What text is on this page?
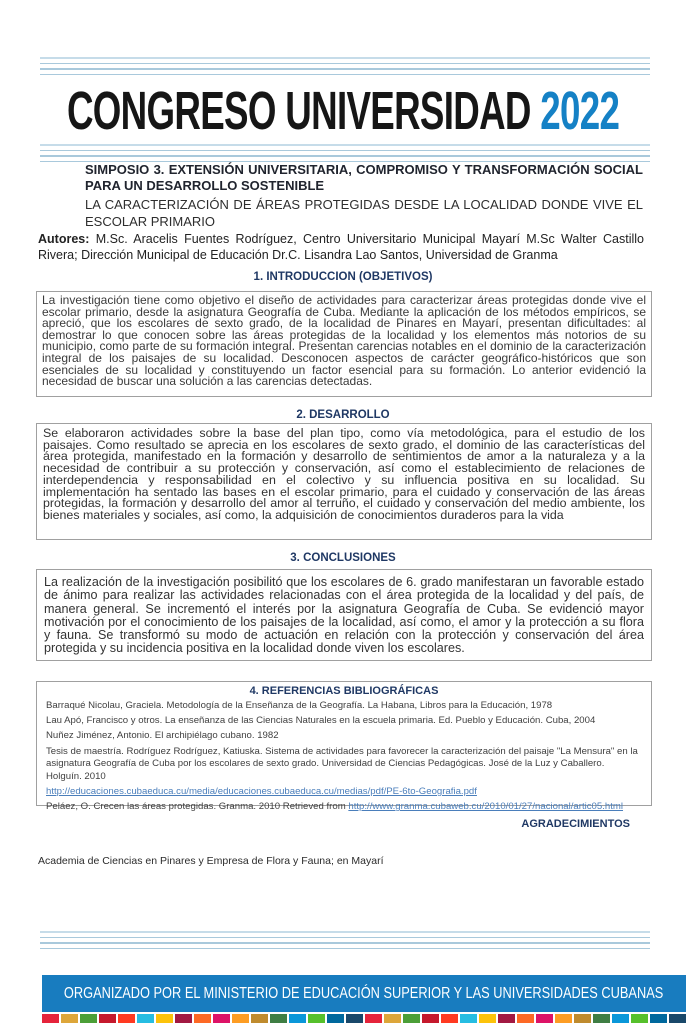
CONGRESO UNIVERSIDAD 2022
SIMPOSIO 3. EXTENSIÓN UNIVERSITARIA, COMPROMISO Y TRANSFORMACIÓN SOCIAL PARA UN DESARROLLO SOSTENIBLE
LA CARACTERIZACIÓN DE ÁREAS PROTEGIDAS DESDE LA LOCALIDAD DONDE VIVE EL ESCOLAR PRIMARIO
Autores: M.Sc. Aracelis Fuentes Rodríguez, Centro Universitario Municipal Mayarí M.Sc Walter Castillo Rivera; Dirección Municipal de Educación Dr.C. Lisandra Lao Santos, Universidad de Granma
1. INTRODUCCION (OBJETIVOS)
La investigación tiene como objetivo el diseño de actividades para caracterizar áreas protegidas donde vive el escolar primario, desde la asignatura Geografía de Cuba. Mediante la aplicación de los métodos empíricos, se apreció, que los escolares de sexto grado, de la localidad de Pinares en Mayarí, presentan dificultades: al demostrar lo que conocen sobre las áreas protegidas de la localidad y los elementos más notorios de su municipio, como parte de su formación integral. Presentan carencias notables en el dominio de la caracterización integral de los paisajes de su localidad. Desconocen aspectos de carácter geográfico-históricos que son esenciales de su localidad y constituyendo un factor esencial para su formación. Lo anterior evidenció la necesidad de buscar una solución a las carencias detectadas.
2. DESARROLLO
Se elaboraron actividades sobre la base del plan tipo, como vía metodológica, para el estudio de los paisajes. Como resultado se aprecia en los escolares de sexto grado, el dominio de las características del área protegida, manifestado en la formación y desarrollo de sentimientos de amor a la naturaleza y a la necesidad de contribuir a su protección y conservación, así como el establecimiento de relaciones de interdependencia y responsabilidad en el colectivo y su influencia positiva en su localidad. Su implementación ha sentado las bases en el escolar primario, para el cuidado y conservación de las áreas protegidas, la formación y desarrollo del amor al terruño, el cuidado y conservación del medio ambiente, los bienes materiales y sociales, así como, la adquisición de conocimientos duraderos para la vida
3. CONCLUSIONES
La realización de la investigación posibilitó que los escolares de 6. grado manifestaran un favorable estado de ánimo para realizar las actividades relacionadas con el área protegida de la localidad y del país, de manera general. Se incrementó el interés por la asignatura Geografía de Cuba. Se evidenció mayor motivación por el conocimiento de los paisajes de la localidad, así como, el amor y la protección a su flora y fauna. Se transformó su modo de actuación en relación con la protección y conservación del área protegida y su incidencia positiva en la localidad donde viven los escolares.
4. REFERENCIAS BIBLIOGRÁFICAS
Barraqué Nicolau, Graciela. Metodología de la Enseñanza de la Geografía. La Habana, Libros para la Educación, 1978
Lau Apó, Francisco y otros. La enseñanza de las Ciencias Naturales en la escuela primaria. Ed. Pueblo y Educación. Cuba, 2004
Nuñez Jiménez, Antonio. El archipiélago cubano. 1982
Tesis de maestría. Rodríguez Rodríguez, Katiuska. Sistema de actividades para favorecer la caracterización del paisaje "La Mensura" en la asignatura Geografía de Cuba por los escolares de sexto grado. Universidad de Ciencias Pedagógicas. José de la Luz y Caballero. Holguín. 2010
http://educaciones.cubaeduca.cu/media/educaciones.cubaeduca.cu/medias/pdf/PE-6to-Geografia.pdf
Peláez, O. Crecen las áreas protegidas. Granma. 2010 Retrieved from http://www.granma.cubaweb.cu/2010/01/27/nacional/artic05.html
AGRADECIMIENTOS
Academia de Ciencias en Pinares y Empresa de Flora y Fauna; en Mayarí
ORGANIZADO POR EL MINISTERIO DE EDUCACIÓN SUPERIOR Y LAS UNIVERSIDADES CUBANAS
